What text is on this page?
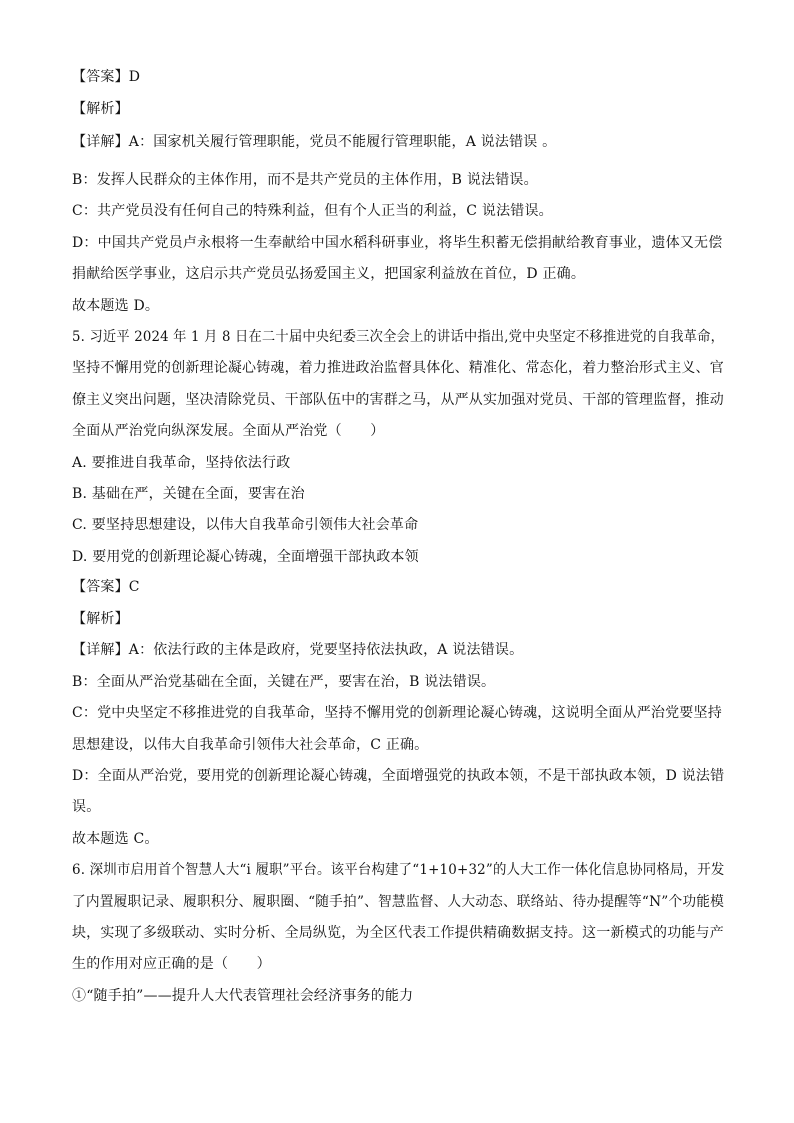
【答案】D
【解析】
【详解】A：国家机关履行管理职能，党员不能履行管理职能，A 说法错误 。
B：发挥人民群众的主体作用，而不是共产党员的主体作用，B 说法错误。
C：共产党员没有任何自己的特殊利益，但有个人正当的利益，C 说法错误。
D：中国共产党员卢永根将一生奉献给中国水稻科研事业，将毕生积蓄无偿捐献给教育事业，遗体又无偿
捐献给医学事业，这启示共产党员弘扬爱国主义，把国家利益放在首位，D 正确。
故本题选 D。
5. 习近平 2024 年 1 月 8 日在二十届中央纪委三次全会上的讲话中指出,党中央坚定不移推进党的自我革命，
坚持不懈用党的创新理论凝心铸魂，着力推进政治监督具体化、精准化、常态化，着力整治形式主义、官
僚主义突出问题，坚决清除党员、干部队伍中的害群之马，从严从实加强对党员、干部的管理监督，推动
全面从严治党向纵深发展。全面从严治党（　　）
A. 要推进自我革命，坚持依法行政
B. 基础在严，关键在全面，要害在治
C. 要坚持思想建设，以伟大自我革命引领伟大社会革命
D. 要用党的创新理论凝心铸魂，全面增强干部执政本领
【答案】C
【解析】
【详解】A：依法行政的主体是政府，党要坚持依法执政，A 说法错误。
B：全面从严治党基础在全面，关键在严，要害在治，B 说法错误。
C：党中央坚定不移推进党的自我革命，坚持不懈用党的创新理论凝心铸魂，这说明全面从严治党要坚持
思想建设，以伟大自我革命引领伟大社会革命，C 正确。
D：全面从严治党，要用党的创新理论凝心铸魂，全面增强党的执政本领，不是干部执政本领，D 说法错
误。
故本题选 C。
6. 深圳市启用首个智慧人大“i 履职”平台。该平台构建了“1+10+32”的人大工作一体化信息协同格局，开发
了内置履职记录、履职积分、履职圈、“随手拍”、智慧监督、人大动态、联络站、待办提醒等“N”个功能模
块，实现了多级联动、实时分析、全局纵览，为全区代表工作提供精确数据支持。这一新模式的功能与产
生的作用对应正确的是（　　）
①“随手拍”——提升人大代表管理社会经济事务的能力
